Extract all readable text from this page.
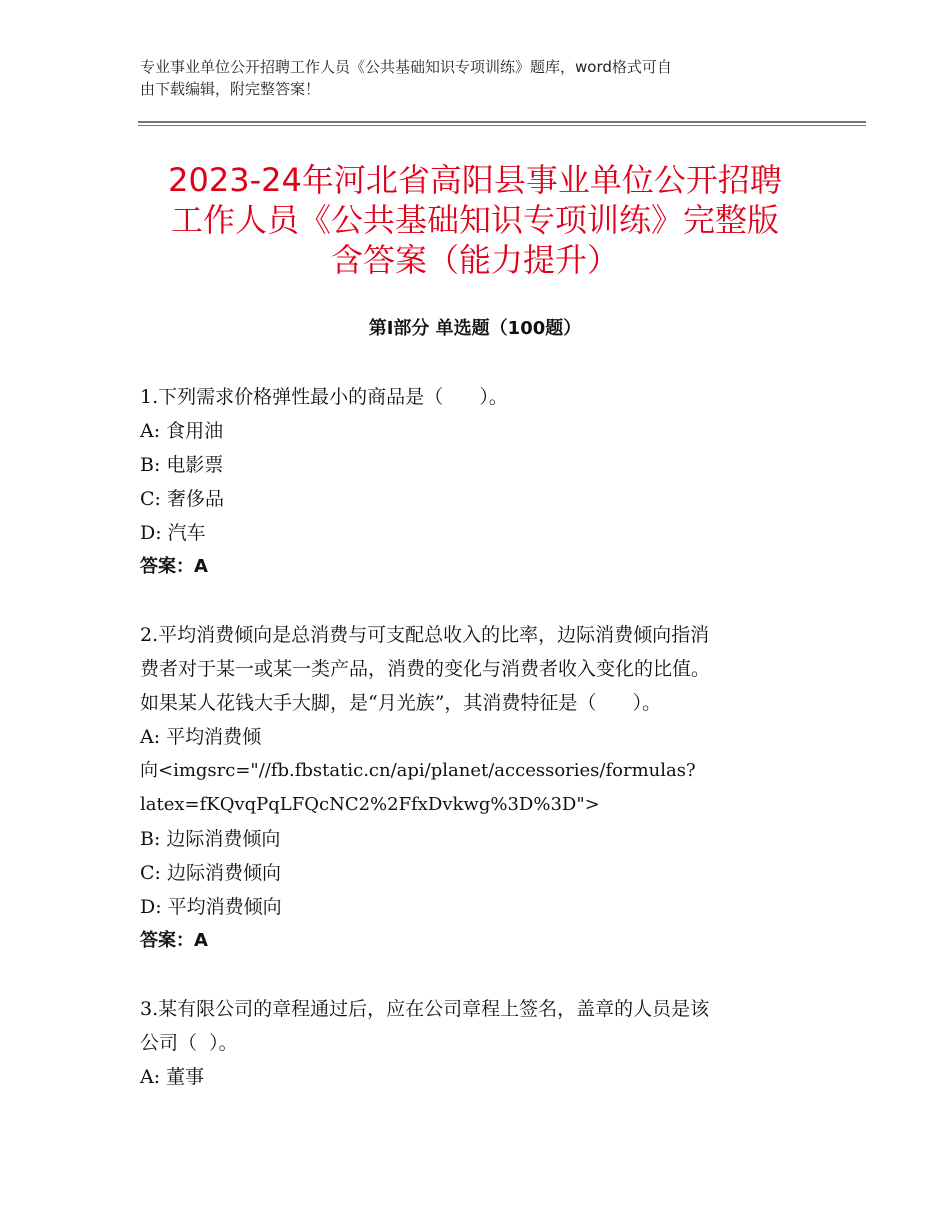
专业事业单位公开招聘工作人员《公共基础知识专项训练》题库，word格式可自
由下载编辑，附完整答案！
2023-24年河北省高阳县事业单位公开招聘
工作人员《公共基础知识专项训练》完整版
含答案（能力提升）
第Ⅰ部分 单选题（100题）
1.下列需求价格弹性最小的商品是（      ）。
A: 食用油
B: 电影票
C: 奢侈品
D: 汽车
答案：A
2.平均消费倾向是总消费与可支配总收入的比率，边际消费倾向指消
费者对于某一或某一类产品，消费的变化与消费者收入变化的比值。
如果某人花钱大手大脚，是“月光族”，其消费特征是（      ）。
A: 平均消费倾
向<imgsrc="//fb.fbstatic.cn/api/planet/accessories/formulas?
latex=fKQvqPqLFQcNC2%2FfxDvkwg%3D%3D">
B: 边际消费倾向
C: 边际消费倾向
D: 平均消费倾向
答案：A
3.某有限公司的章程通过后，应在公司章程上签名，盖章的人员是该
公司（  ）。
A: 董事
